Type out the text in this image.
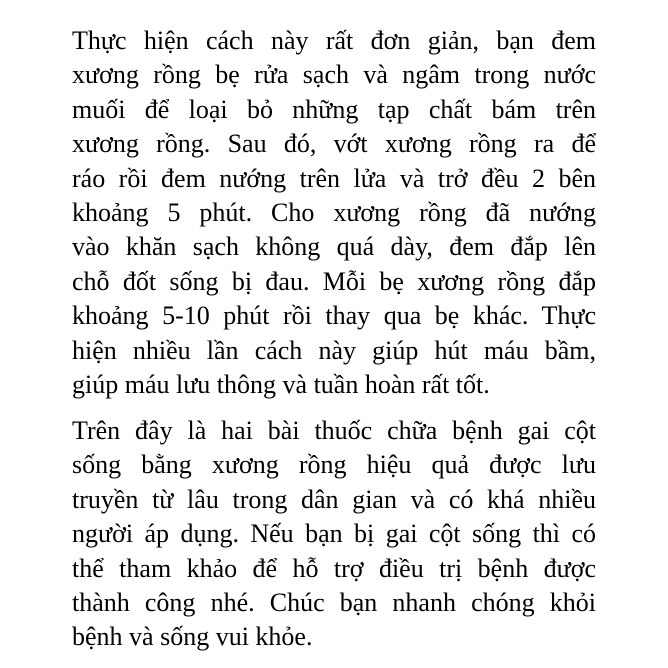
Thực hiện cách này rất đơn giản, bạn đem
xương rồng bẹ rửa sạch và ngâm trong nước
muối để loại bỏ những tạp chất bám trên
xương rồng. Sau đó, vớt xương rồng ra để
ráo rồi đem nướng trên lửa và trở đều 2 bên
khoảng 5 phút. Cho xương rồng đã nướng
vào khăn sạch không quá dày, đem đắp lên
chỗ đốt sống bị đau. Mỗi bẹ xương rồng đắp
khoảng 5-10 phút rồi thay qua bẹ khác. Thực
hiện nhiều lần cách này giúp hút máu bầm,
giúp máu lưu thông và tuần hoàn rất tốt.

Trên đây là hai bài thuốc chữa bệnh gai cột
sống bằng xương rồng hiệu quả được lưu
truyền từ lâu trong dân gian và có khá nhiều
người áp dụng. Nếu bạn bị gai cột sống thì có
thể tham khảo để hỗ trợ điều trị bệnh được
thành công nhé. Chúc bạn nhanh chóng khỏi
bệnh và sống vui khỏe.
